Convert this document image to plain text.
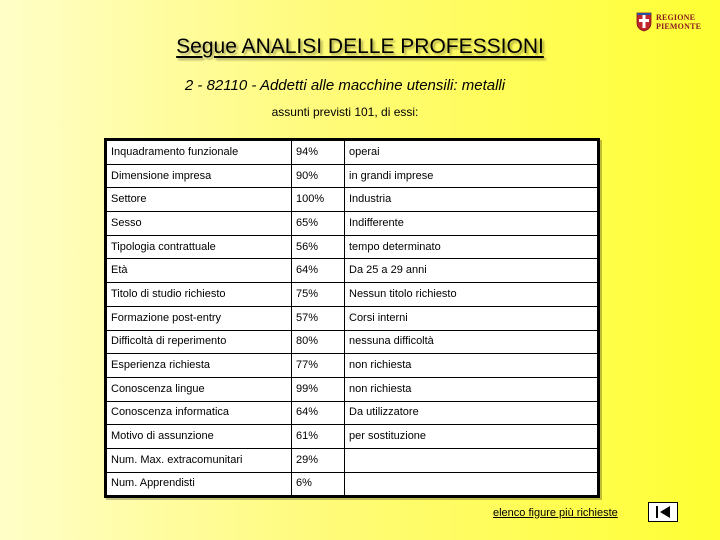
REGIONE
PIEMONTE
Segue ANALISI DELLE PROFESSIONI
2 - 82110 - Addetti alle macchine utensili: metalli
assunti previsti 101, di essi:
Inquadramento funzionale	94%	operai
Dimensione impresa	90%	in grandi imprese
Settore	100%	Industria
Sesso	65%	Indifferente
Tipologia contrattuale	56%	tempo determinato
Età	64%	Da 25 a 29 anni
Titolo di studio richiesto	75%	Nessun titolo richiesto
Formazione post-entry	57%	Corsi interni
Difficoltà di reperimento	80%	nessuna difficoltà
Esperienza richiesta	77%	non richiesta
Conoscenza lingue	99%	non richiesta
Conoscenza informatica	64%	Da utilizzatore
Motivo di assunzione	61%	per sostituzione
Num. Max. extracomunitari	29%	
Num. Apprendisti	6%	
elenco figure più richieste
